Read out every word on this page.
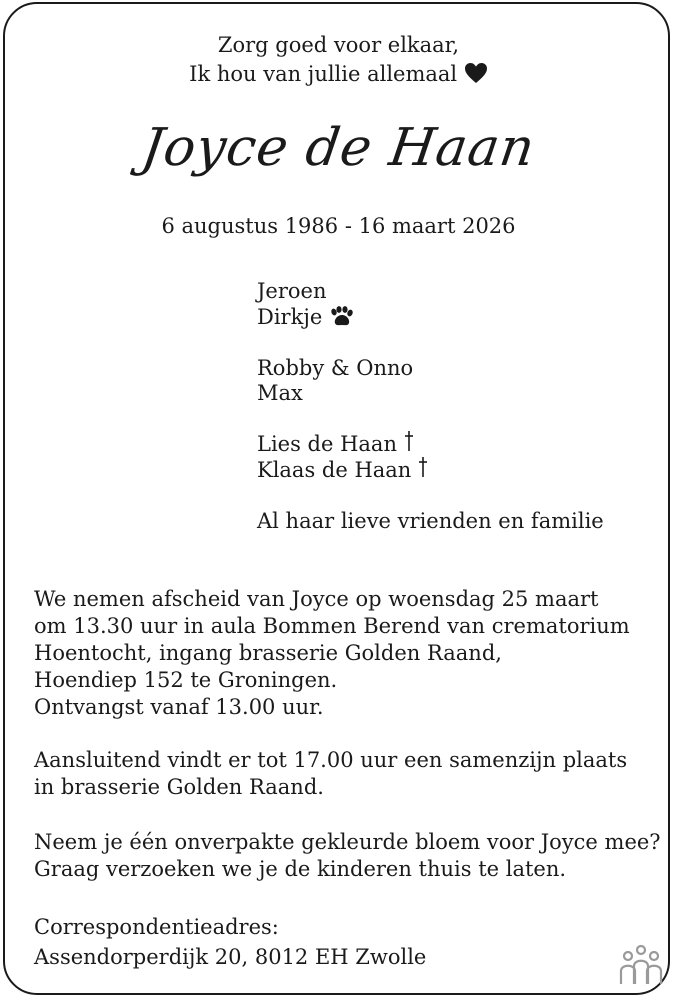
Zorg goed voor elkaar,
Ik hou van jullie allemaal
Joyce de Haan
6 augustus 1986 - 16 maart 2026
Jeroen
Dirkje
Robby & Onno
Max
Lies de Haan
Klaas de Haan
Al haar lieve vrienden en familie
We nemen afscheid van Joyce op woensdag 25 maart
om 13.30 uur in aula Bommen Berend van crematorium
Hoentocht, ingang brasserie Golden Raand,
Hoendiep 152 te Groningen.
Ontvangst vanaf 13.00 uur.
Aansluitend vindt er tot 17.00 uur een samenzijn plaats
in brasserie Golden Raand.
Neem je één onverpakte gekleurde bloem voor Joyce mee?
Graag verzoeken we je de kinderen thuis te laten.
Correspondentieadres:
Assendorperdijk 20, 8012 EH Zwolle
